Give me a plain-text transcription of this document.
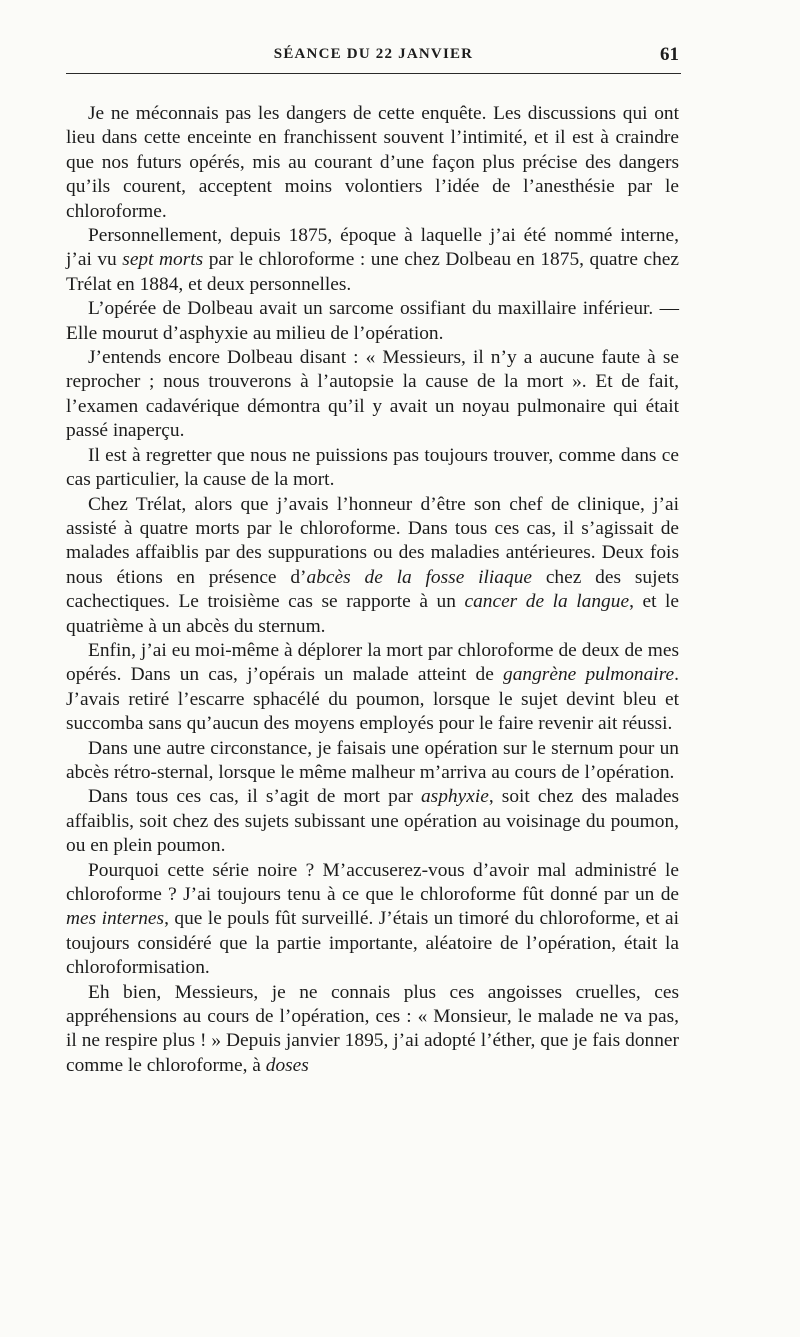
SÉANCE DU 22 JANVIER	61

Je ne méconnais pas les dangers de cette enquête. Les discussions qui ont lieu dans cette enceinte en franchissent souvent l’intimité, et il est à craindre que nos futurs opérés, mis au courant d’une façon plus précise des dangers qu’ils courent, acceptent moins volontiers l’idée de l’anesthésie par le chloroforme.

Personnellement, depuis 1875, époque à laquelle j’ai été nommé interne, j’ai vu sept morts par le chloroforme : une chez Dolbeau en 1875, quatre chez Trélat en 1884, et deux personnelles.

L’opérée de Dolbeau avait un sarcome ossifiant du maxillaire inférieur. — Elle mourut d’asphyxie au milieu de l’opération.

J’entends encore Dolbeau disant : « Messieurs, il n’y a aucune faute à se reprocher ; nous trouverons à l’autopsie la cause de la mort ». Et de fait, l’examen cadavérique démontra qu’il y avait un noyau pulmonaire qui était passé inaperçu.

Il est à regretter que nous ne puissions pas toujours trouver, comme dans ce cas particulier, la cause de la mort.

Chez Trélat, alors que j’avais l’honneur d’être son chef de clinique, j’ai assisté à quatre morts par le chloroforme. Dans tous ces cas, il s’agissait de malades affaiblis par des suppurations ou des maladies antérieures. Deux fois nous étions en présence d’abcès de la fosse iliaque chez des sujets cachectiques. Le troisième cas se rapporte à un cancer de la langue, et le quatrième à un abcès du sternum.

Enfin, j’ai eu moi-même à déplorer la mort par chloroforme de deux de mes opérés. Dans un cas, j’opérais un malade atteint de gangrène pulmonaire. J’avais retiré l’escarre sphacélé du poumon, lorsque le sujet devint bleu et succomba sans qu’aucun des moyens employés pour le faire revenir ait réussi.

Dans une autre circonstance, je faisais une opération sur le sternum pour un abcès rétro-sternal, lorsque le même malheur m’arriva au cours de l’opération.

Dans tous ces cas, il s’agit de mort par asphyxie, soit chez des malades affaiblis, soit chez des sujets subissant une opération au voisinage du poumon, ou en plein poumon.

Pourquoi cette série noire ? M’accuserez-vous d’avoir mal administré le chloroforme ? J’ai toujours tenu à ce que le chloroforme fût donné par un de mes internes, que le pouls fût surveillé. J’étais un timoré du chloroforme, et ai toujours considéré que la partie importante, aléatoire de l’opération, était la chloroformisation.

Eh bien, Messieurs, je ne connais plus ces angoisses cruelles, ces appréhensions au cours de l’opération, ces : « Monsieur, le malade ne va pas, il ne respire plus ! » Depuis janvier 1895, j’ai adopté l’éther, que je fais donner comme le chloroforme, à doses
